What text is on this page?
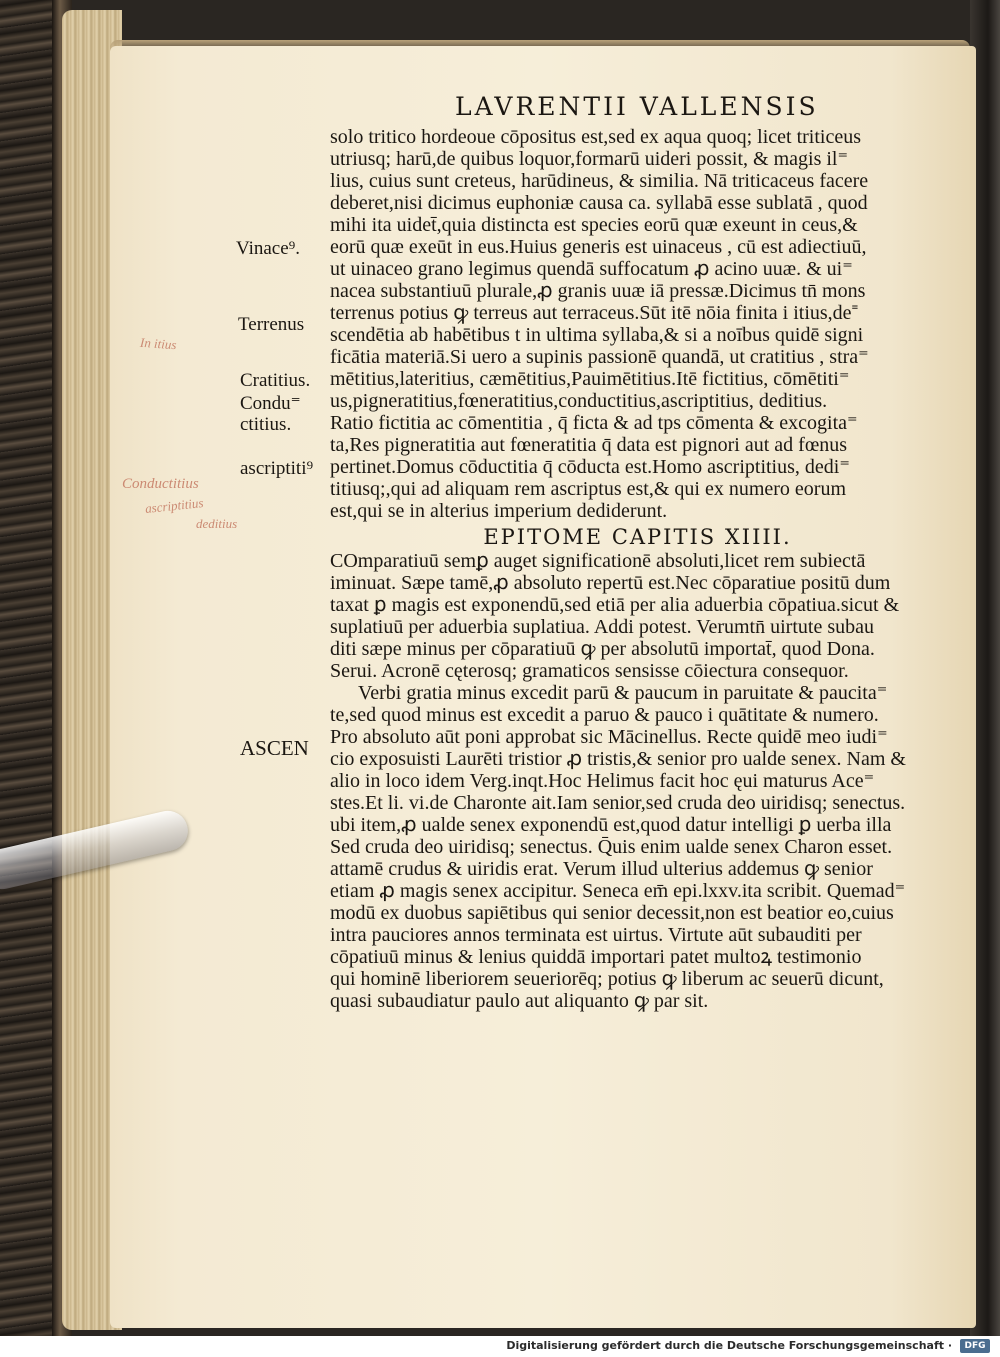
LAVRENTII VALLENSIS
solo tritico hordeoue cōpositus est,sed ex aqua quoq; licet triticeus
utriusq; harū,de quibus loquor,formarū uideri possit, & magis il⁼
lius, cuius sunt creteus, harūdineus, & similia. Nā triticaceus facere
deberet,nisi dicimus euphoniæ causa ca. syllabā esse sublatā , quod
mihi ita uidet̄,quia distincta est species eorū quæ exeunt in ceus,&
eorū quæ exeūt in eus.Huius generis est uinaceus , cū est adiectiuū,
ut uinaceo grano legimus quendā suffocatum ꝓ acino uuæ. & ui⁼
nacea substantiuū plurale,ꝓ granis uuæ iā pressæ.Dicimus tn̄ mons
terrenus potius ꝙ terreus aut terraceus.Sūt itē nōia finita i itius,de⁼
scendētia ab habētibus t in ultima syllaba,& si a noībus quidē signi
ficātia materiā.Si uero a supinis passionē quandā, ut cratitius , stra⁼
mētitius,lateritius, cæmētitius,Pauimētitius.Itē fictitius, cōmētiti⁼
us,pigneratitius,fœneratitius,conductitius,ascriptitius, deditius.
Ratio fictitia ac cōmentitia , q̄ ficta & ad tps cōmenta & excogita⁼
ta,Res pigneratitia aut fœneratitia q̄ data est pignori aut ad fœnus
pertinet.Domus cōductitia q̄ cōducta est.Homo ascriptitius, dedi⁼
titiusq;,qui ad aliquam rem ascriptus est,& qui ex numero eorum
est,qui se in alterius imperium dediderunt.
EPITOME CAPITIS XIIII.
COmparatiuū semꝑ auget significationē absoluti,licet rem subiectā
iminuat. Sæpe tamē,ꝓ absoluto repertū est.Nec cōparatiue positū dum
taxat ꝑ magis est exponendū,sed etiā per alia aduerbia cōpatiua.sicut &
suplatiuū per aduerbia suplatiua. Addi potest. Verumtn̄ uirtute subau
diti sæpe minus per cōparatiuū ꝙ per absolutū importat̄, quod Dona.
Serui. Acronē cęterosq; gramaticos sensisse cōiectura consequor.
Verbi gratia minus excedit parū & paucum in paruitate & paucita⁼
te,sed quod minus est excedit a paruo & pauco i quātitate & numero.
Pro absoluto aūt poni approbat sic Mācinellus. Recte quidē meo iudi⁼
cio exposuisti Laurēti tristior ꝓ tristis,& senior pro ualde senex. Nam &
alio in loco idem Verg.inqt.Hoc Helimus facit hoc ęui maturus Ace⁼
stes.Et li. vi.de Charonte ait.Iam senior,sed cruda deo uiridisq; senectus.
ubi item,ꝓ ualde senex exponendū est,quod datur intelligi ꝑ uerba illa
Sed cruda deo uiridisq; senectus. Q̄uis enim ualde senex Charon esset.
attamē crudus & uiridis erat. Verum illud ulterius addemus ꝙ senior
etiam ꝓ magis senex accipitur. Seneca em̄ epi.lxxv.ita scribit. Quemad⁼
modū ex duobus sapiētibus qui senior decessit,non est beatior eo,cuius
intra pauciores annos terminata est uirtus. Virtute aūt subauditi per
cōpatiuū minus & lenius quiddā importari patet multoꝝ testimonio
qui hominē liberiorem seueriorēq; potius ꝙ liberum ac seuerū dicunt,
quasi subaudiatur paulo aut aliquanto ꝙ par sit.
Vinace⁹.
Terrenus
Cratitius.
Condu⁼
ctitius.
ascriptiti⁹
ASCEN
In itius
Conductitius
ascriptitius
deditius
Digitalisierung gefördert durch die Deutsche Forschungsgemeinschaft ·	DFG
